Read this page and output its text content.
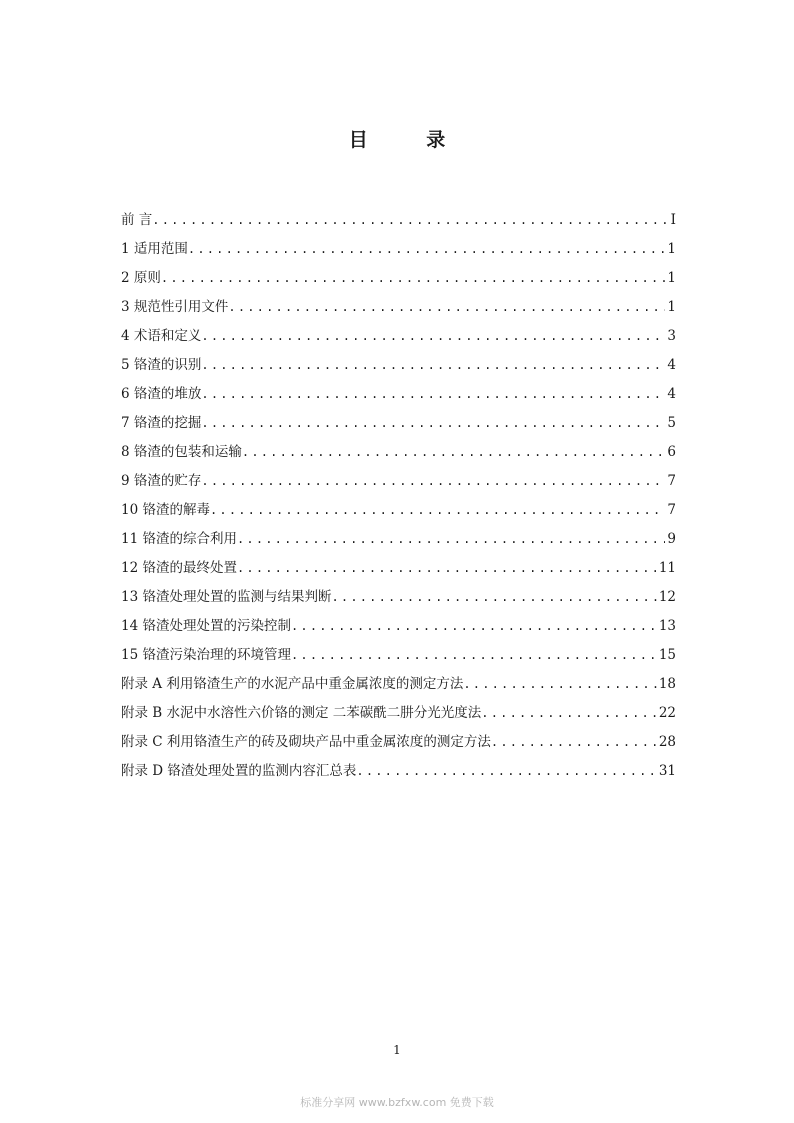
目 录
前 言 .....	I
1 适用范围 .....	1
2 原则 .....	1
3 规范性引用文件 .....	1
4 术语和定义 .....	3
5 铬渣的识别 .....	4
6 铬渣的堆放 .....	4
7 铬渣的挖掘 .....	5
8 铬渣的包装和运输 .....	6
9 铬渣的贮存 .....	7
10 铬渣的解毒 .....	7
11 铬渣的综合利用 .....	9
12 铬渣的最终处置 .....	11
13 铬渣处理处置的监测与结果判断 .....	12
14 铬渣处理处置的污染控制 .....	13
15 铬渣污染治理的环境管理 .....	15
附录 A 利用铬渣生产的水泥产品中重金属浓度的测定方法 .....	18
附录 B 水泥中水溶性六价铬的测定 二苯碳酰二肼分光光度法 .....	22
附录 C 利用铬渣生产的砖及砌块产品中重金属浓度的测定方法 .....	28
附录 D 铬渣处理处置的监测内容汇总表 .....	31
1
标准分享网 www.bzfxw.com 免费下载
